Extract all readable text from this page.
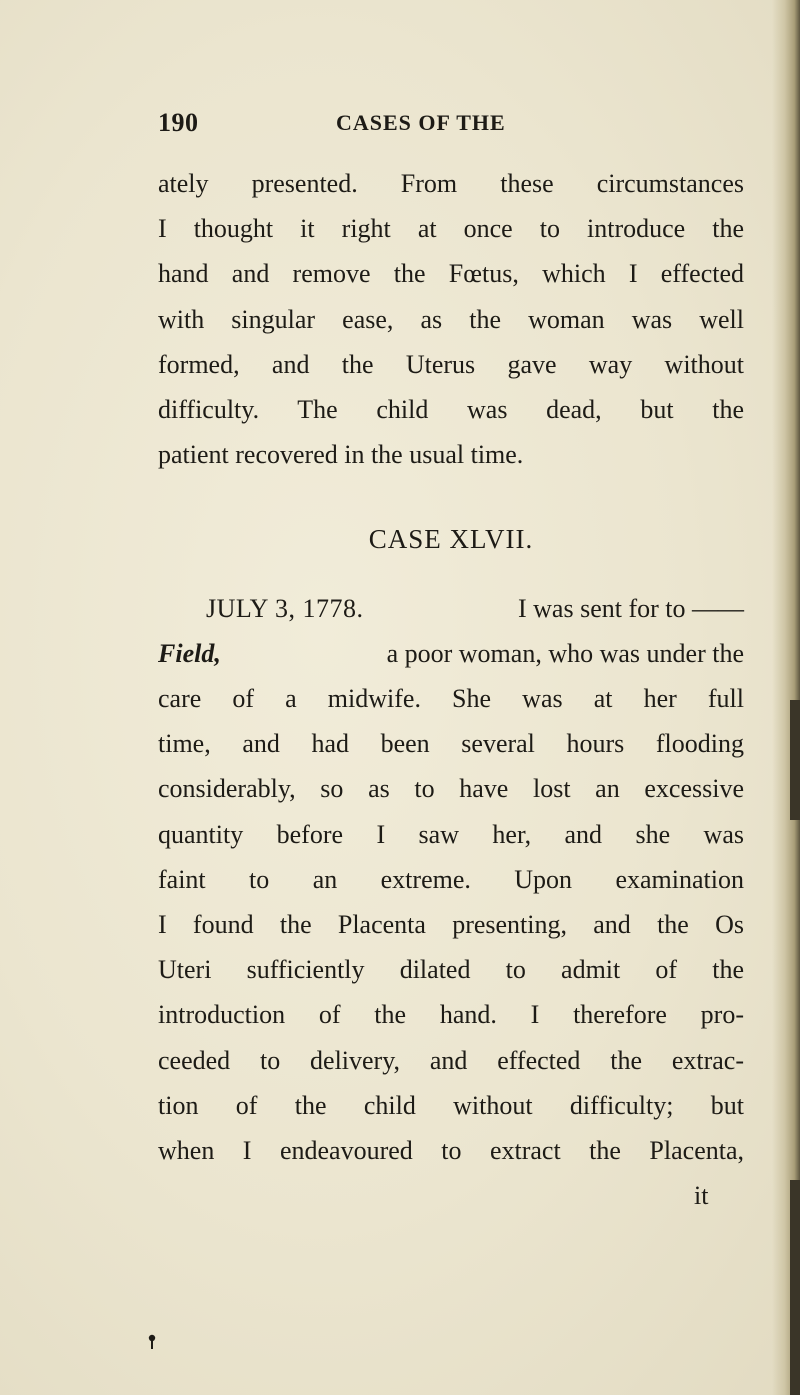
190	CASES OF THE
ately presented. From these circumstances
I thought it right at once to introduce the
hand and remove the Fœtus, which I effected
with singular ease, as the woman was well
formed, and the Uterus gave way without
difficulty. The child was dead, but the
patient recovered in the usual time.
CASE XLVII.
JULY 3, 1778.	I was sent for to ——
Field,	a poor woman, who was under the
care of a midwife. She was at her full
time, and had been several hours flooding
considerably, so as to have lost an excessive
quantity before I saw her, and she was
faint to an extreme. Upon examination
I found the Placenta presenting, and the Os
Uteri sufficiently dilated to admit of the
introduction of the hand. I therefore pro-
ceeded to delivery, and effected the extrac-
tion of the child without difficulty; but
when I endeavoured to extract the Placenta,
it
